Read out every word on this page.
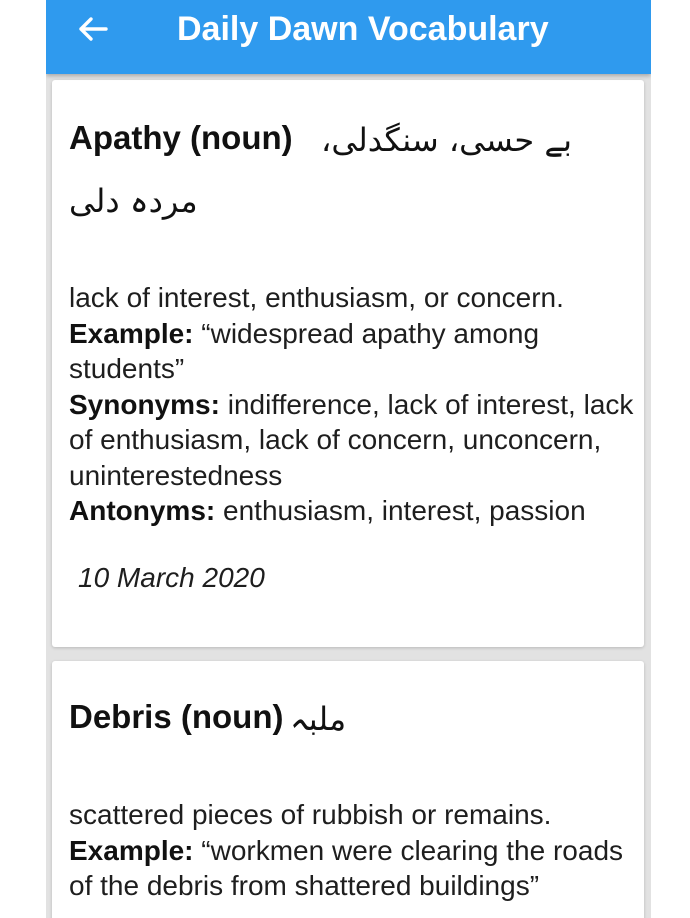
Daily Dawn Vocabulary
Apathy (noun) بے حسی، سنگدلی،
مردہ دلی

lack of interest, enthusiasm, or concern.

Example: “widespread apathy among students”

Synonyms: indifference, lack of interest, lack of enthusiasm, lack of concern, unconcern, uninterestedness

Antonyms: enthusiasm, interest, passion

10 March 2020
Debris (noun) ملبہ

scattered pieces of rubbish or remains.

Example: “workmen were clearing the roads of the debris from shattered buildings”
